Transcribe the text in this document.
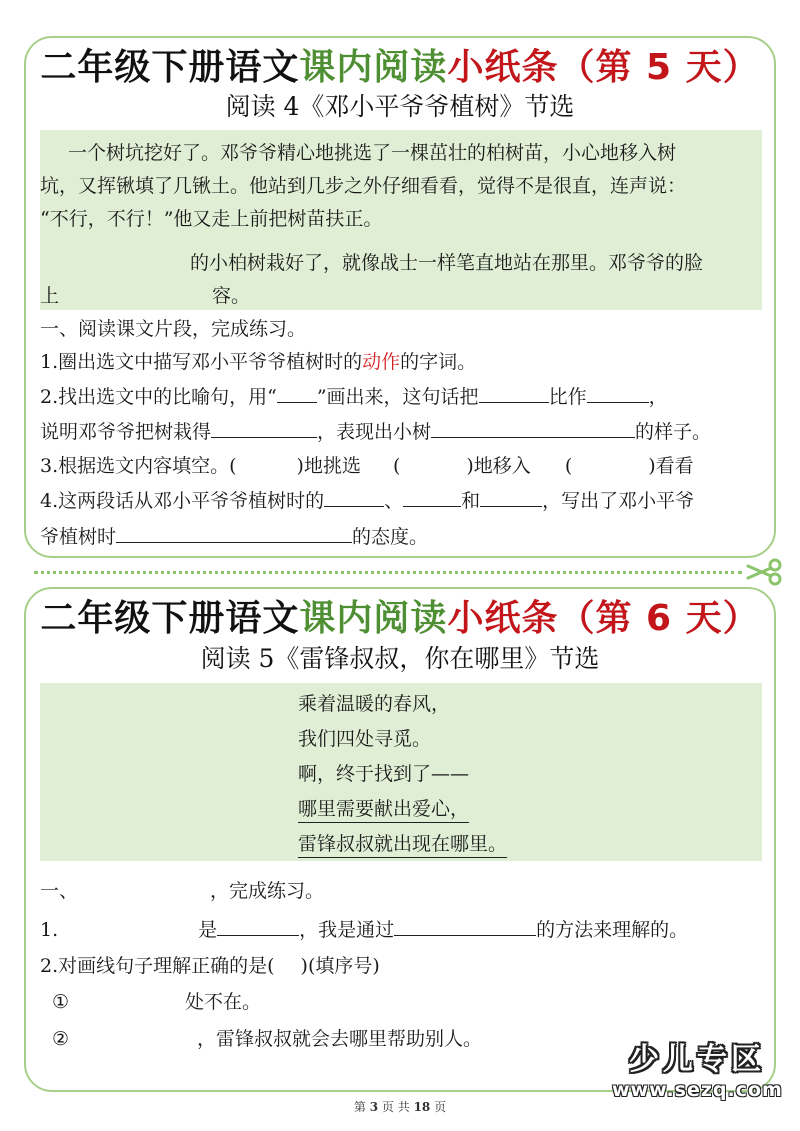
二年级下册语文课内阅读小纸条（第 5 天）
阅读 4《邓小平爷爷植树》节选
一个树坑挖好了。邓爷爷精心地挑选了一棵茁壮的柏树苗，小心地移入树
坑，又挥锹填了几锹土。他站到几步之外仔细看看，觉得不是很直，连声说：
“不行，不行！”他又走上前把树苗扶正。
的小柏树栽好了，就像战士一样笔直地站在那里。邓爷爷的脸
上	容。
一、阅读课文片段，完成练习。
1.圈出选文中描写邓小平爷爷植树时的动作的字词。
2.找出选文中的比喻句，用“ ”画出来，这句话把	比作	，
说明邓爷爷把树栽得	，表现出小树	的样子。
3.根据选文内容填空。(	)地挑选 (	)地移入 (	)看看
4.这两段话从邓小平爷爷植树时的	、	和	，写出了邓小平爷
爷植树时	的态度。
二年级下册语文课内阅读小纸条（第 6 天）
阅读 5《雷锋叔叔，你在哪里》节选
乘着温暖的春风，
我们四处寻觅。
啊，终于找到了——
哪里需要献出爱心，
雷锋叔叔就出现在哪里。
一、	，完成练习。
1.	是	，我是通过	的方法来理解的。
2.对画线句子理解正确的是( )(填序号)
①	处不在。
②	，雷锋叔叔就会去哪里帮助别人。
少儿专区
www.sezq.com
第 3 页 共 18 页
